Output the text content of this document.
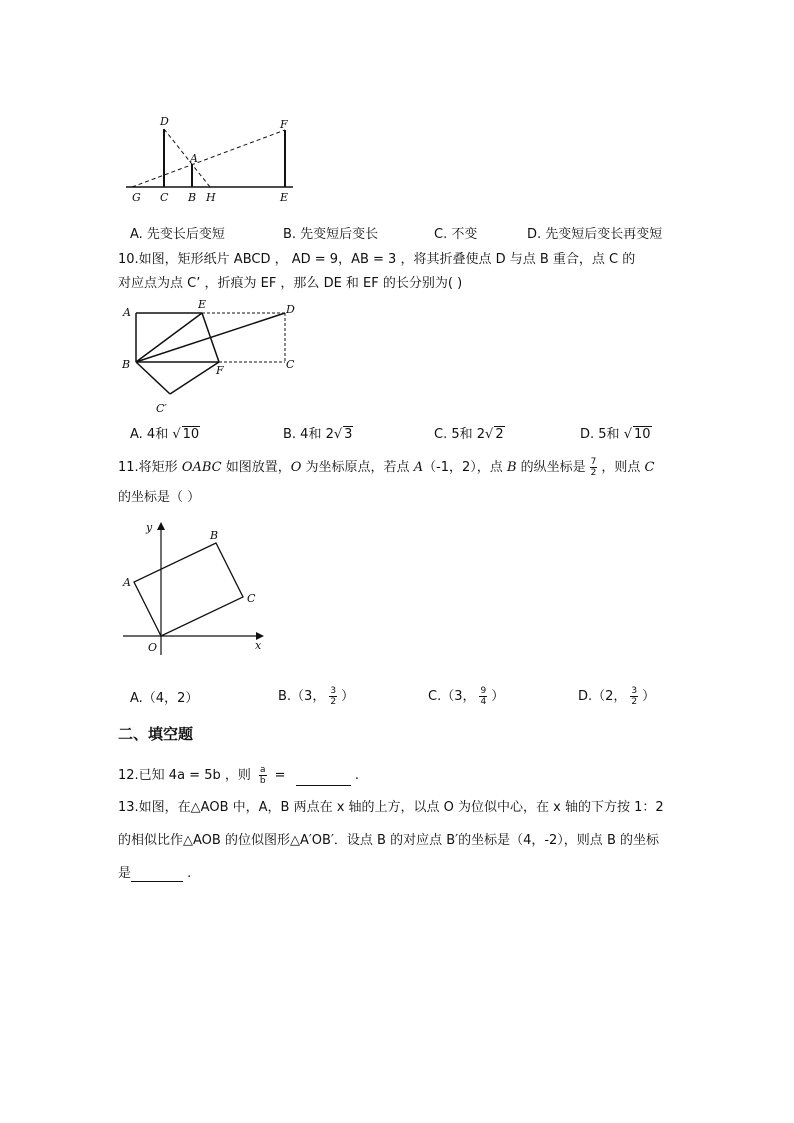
D	F
A
G C B H	E
A. 先变长后变短	B. 先变短后变长	C. 不变	D. 先变短后变长再变短
10.如图，矩形纸片 ABCD ， AD = 9，AB = 3 ，将其折叠使点 D 与点 B 重合，点 C 的
对应点为点 C’ ，折痕为 EF ，那么 DE 和 EF 的长分别为( )
A
E	D
B	F	C
C′
A. 4和 √ 10	B. 4和 2√ 3	C. 5和 2√ 2	D. 5和 √ 10
11.将矩形 OABC 如图放置，O 为坐标原点，若点 A（-1，2），点 B 的纵坐标是 $\frac{7}{2}$ ，则点 C
的坐标是（ ）
y
x
O
A
B
C
A.（4，2）	B.（3， $\frac{3}{2}$ ）	C.（3， $\frac{9}{4}$ ）	D.（2， $\frac{3}{2}$ ）
二、填空题
12.已知 4a = 5b ，则 $\frac{a}{b}$ =	.
13.如图，在△AOB 中，A，B 两点在 x 轴的上方，以点 O 为位似中心，在 x 轴的下方按 1：2
的相似比作△AOB 的位似图形△A′OB′．设点 B 的对应点 B′的坐标是（4，-2），则点 B 的坐标
是	.
